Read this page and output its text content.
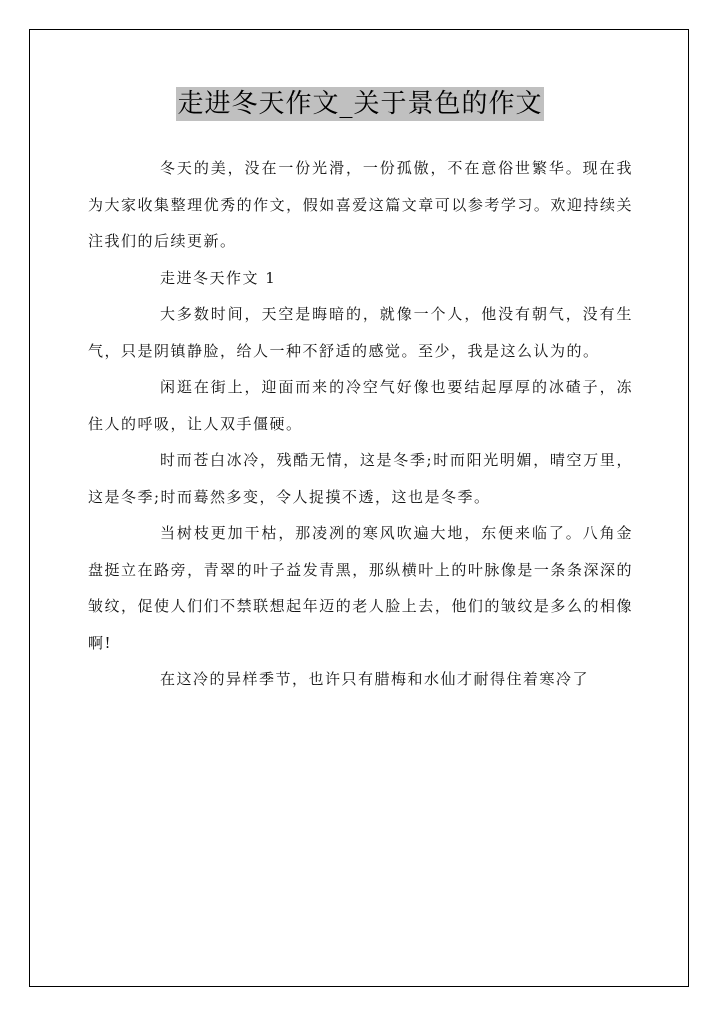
走进冬天作文_关于景色的作文

冬天的美，没在一份光滑，一份孤傲，不在意俗世繁华。现在我为大家收集整理优秀的作文，假如喜爱这篇文章可以参考学习。欢迎持续关注我们的后续更新。

走进冬天作文 1

大多数时间，天空是晦暗的，就像一个人，他没有朝气，没有生气，只是阴镇静脸，给人一种不舒适的感觉。至少，我是这么认为的。

闲逛在街上，迎面而来的冷空气好像也要结起厚厚的冰碴子，冻住人的呼吸，让人双手僵硬。

时而苍白冰冷，残酷无情，这是冬季;时而阳光明媚，晴空万里，这是冬季;时而蓦然多变，令人捉摸不透，这也是冬季。

当树枝更加干枯，那凌冽的寒风吹遍大地，东便来临了。八角金盘挺立在路旁，青翠的叶子益发青黑，那纵横叶上的叶脉像是一条条深深的皱纹，促使人们们不禁联想起年迈的老人脸上去，他们的皱纹是多么的相像啊!

在这冷的异样季节，也许只有腊梅和水仙才耐得住着寒冷了
